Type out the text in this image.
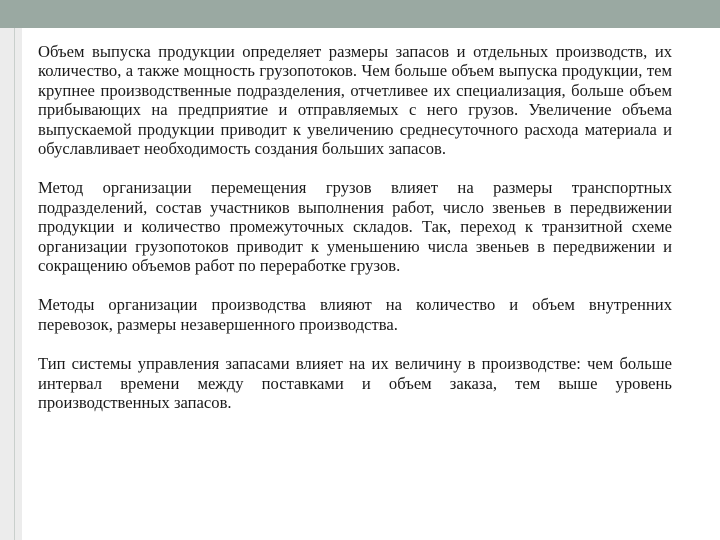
Объем выпуска продукции определяет размеры запасов и отдельных производств, их количество, а также мощность грузопотоков. Чем больше объем выпуска продукции, тем крупнее производственные подразделения, отчетливее их специализация, больше объем прибывающих на предприятие и отправляемых с него грузов. Увеличение объема выпускаемой продукции приводит к увеличению среднесуточного расхода материала и обуславливает необходимость создания больших запасов.

Метод организации перемещения грузов влияет на размеры транспортных подразделений, состав участников выполнения работ, число звеньев в передвижении продукции и количество промежуточных складов. Так, переход к транзитной схеме организации грузопотоков приводит к уменьшению числа звеньев в передвижении и сокращению объемов работ по переработке грузов.

Методы организации производства влияют на количество и объем внутренних перевозок, размеры незавершенного производства.

Тип системы управления запасами влияет на их величину в производстве: чем больше интервал времени между поставками и объем заказа, тем выше уровень производственных запасов.
